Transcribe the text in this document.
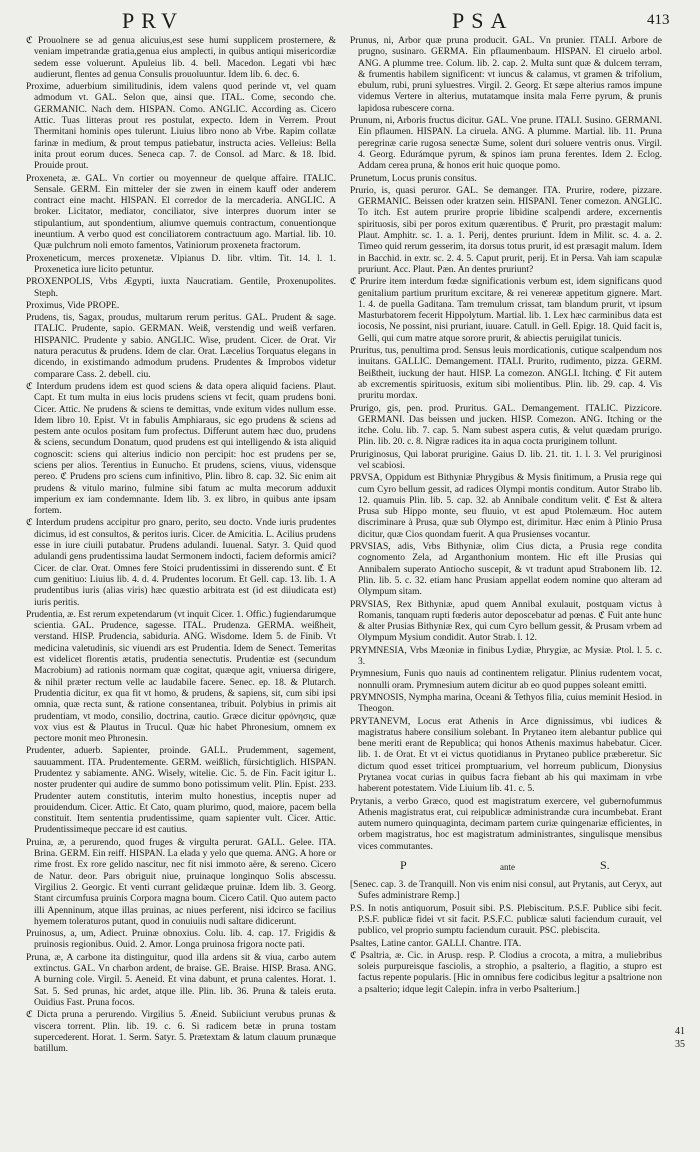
PRV	PSA	413

ℭ Prouolnere se ad genua alicuius,est sese humi supplicem prosternere, & veniam impetrandæ gratia,genua eius amplecti, in quibus antiqui misericordiæ sedem esse voluerunt. Apuleius lib. 4. bell. Macedon. Legati vbi hæc audierunt, flentes ad genua Consulis prouoluuntur. Idem lib. 6. dec. 6.

Proxime, aduerbium similitudinis, idem valens quod perinde vt, vel quam admodum vt. GAL. Selon que, ainsi que. ITAL. Come, secondo che. GERMANIC. Nach dem. HISPAN. Como. ANGLIC. According as. Cicero Attic. Tuas litteras prout res postulat, expecto. Idem in Verrem. Prout Thermitani hominis opes tulerunt. Liuius libro nono ab Vrbe. Rapim collatæ farinæ in medium, & prout tempus patiebatur, instructa acies. Velleius: Bella inita prout eorum duces. Seneca cap. 7. de Consol. ad Marc. & 18. Ibid. Prouide prout.

Proxeneta, æ. GAL. Vn cortier ou moyenneur de quelque affaire. ITALIC. Sensale. GERM. Ein mitteler der sie zwen in einem kauff oder anderem contract eine macht. HISPAN. El corredor de la mercaderia. ANGLIC. A broker. Licitator, mediator, conciliator, sive interpres duorum inter se stipulantium, aut spondentium, aliumve quemuis contractum, conuentionque ineuntium. A verbo quod est conciliatorem contractuum ago. Martial. lib. 10. Quæ pulchrum noli emoto famentos, Vatiniorum proxeneta fractorum.

Proxeneticum, merces proxenetæ. Vlpianus D. libr. vltim. Tit. 14. l. 1. Proxenetica iure licito petuntur.

PROXENPOLIS, Vrbs Ægypti, iuxta Naucratiam. Gentile, Proxenupolites. Steph.

Proximus, Vide PROPE.

Prudens, tis, Sagax, proudus, multarum rerum peritus. GAL. Prudent & sage. ITALIC. Prudente, sapio. GERMAN. Weiß, verstendig und weiß verfaren. HISPANIC. Prudente y sabio. ANGLIC. Wise, prudent. Cicer. de Orat. Vir natura peracutus & prudens. Idem de clar. Orat. Læcelius Torquatus elegans in dicendo, in existimando admodum prudens. Prudentes & Improbos videtur comparare Cass. 2. debell. ciu.

ℭ Interdum prudens idem est quod sciens & data opera aliquid faciens. Plaut. Capt. Et tum multa in eius locis prudens sciens vt fecit, quam prudens boni. Cicer. Attic. Ne prudens & sciens te demittas, vnde exitum vides nullum esse. Idem libro 10. Epist. Vt in fabulis Amphiaraus, sic ego prudens & sciens ad pestem ante oculos positam fum profectus. Differunt autem hæc duo, prudens & sciens, secundum Donatum, quod prudens est qui intelligendo & ista aliquid cognoscit: sciens qui alterius indicio non percipit: hoc est prudens per se, sciens per alios. Terentius in Eunucho. Et prudens, sciens, viuus, vidensque pereo. ℭ Prudens pro sciens cum infinitivo, Plin. libro 8. cap. 32. Sic enim ait prudens & vitulo marino, fulmine sibi fatum ac multa mecorum adduxit imperium ex iam condemnante. Idem lib. 3. ex libro, in quibus ante ipsam fortem.

ℭ Interdum prudens accipitur pro gnaro, perito, seu docto. Vnde iuris prudentes dicimus, id est consultos, & peritos iuris. Cicer. de Amicitia. L. Acilius prudens esse in iure ciuili putabatur. Prudens adulandi. Iuuenal. Satyr. 3. Quid quod adulandi gens prudentissima laudat Sermonem indocti, faciem deformis amici? Cicer. de clar. Orat. Omnes fere Stoici prudentissimi in disserendo sunt. ℭ Et cum genitiuo: Liuius lib. 4. d. 4. Prudentes locorum. Et Gell. cap. 13. lib. 1. A prudentibus iuris (alias viris) hæc quæstio arbitrata est (id est diiudicata est) iuris peritis.

Prudentia, æ. Est rerum expetendarum (vt inquit Cicer. 1. Offic.) fugiendarumque scientia. GAL. Prudence, sagesse. ITAL. Prudenza. GERMA. weißheit, verstand. HISP. Prudencia, sabiduria. ANG. Wisdome. Idem 5. de Finib. Vt medicina valetudinis, sic viuendi ars est Prudentia. Idem de Senect. Temeritas est videlicet florentis ætatis, prudentia senectutis. Prudentiæ est (secundum Macrobium) ad rationis normam quæ cogitat, quæque agit, vniuersa dirigere, & nihil præter rectum velle ac laudabile facere. Senec. ep. 18. & Plutarch. Prudentia dicitur, ex qua fit vt homo, & prudens, & sapiens, sit, cum sibi ipsi omnia, quæ recta sunt, & ratione consentanea, tribuit. Polybius in primis ait prudentiam, vt modo, consilio, doctrina, cautio. Græce dicitur φρόνησις, quæ vox vius est & Plautus in Trucul. Quæ hic habet Phronesium, omnem ex pectore monit meo Phronesin.

Prudenter, aduerb. Sapienter, proinde. GALL. Prudemment, sagement, sauuamment. ITA. Prudentemente. GERM. weißlich, fürsichtiglich. HISPAN. Prudentez y sabiamente. ANG. Wisely, witelie. Cic. 5. de Fin. Facit igitur L. noster prudenter qui audire de summo bono potissimum velit. Plin. Epist. 233. Prudenter autem constitutis, interim multo honestius, inceptis nuper ad prouidendum. Cicer. Attic. Et Cato, quam plurimo, quod, maiore, pacem bella constituit. Item sententia prudentissime, quam sapienter vult. Cicer. Attic. Prudentissimeque peccare id est cautius.

Pruina, æ, a perurendo, quod fruges & virgulta perurat. GALL. Gelee. ITA. Brina. GERM. Ein reiff. HISPAN. La elada y yelo que quema. ANG. A hore or rime frost. Ex rore gelido nascitur, nec fit nisi immoto aëre, & sereno. Cicero de Natur. deor. Pars obriguit niue, pruinaque longinquo Solis abscessu. Virgilius 2. Georgic. Et venti currant gelidæque pruinæ. Idem lib. 3. Georg. Stant circumfusa pruinis Corpora magna boum. Cicero Catil. Quo autem pacto illi Apenninum, atque illas pruinas, ac niues perferent, nisi idcirco se facilius hyemem toleraturos putant, quod in conuiuiis nudi saltare didicerunt.

Pruinosus, a, um, Adiect. Pruinæ obnoxius. Colu. lib. 4. cap. 17. Frigidis & pruinosis regionibus. Ouid. 2. Amor. Longa pruinosa frigora nocte pati.

Pruna, æ, A carbone ita distinguitur, quod illa ardens sit & viua, carbo autem extinctus. GAL. Vn charbon ardent, de braise. GE. Braise. HISP. Brasa. ANG. A burning cole. Virgil. 5. Aeneid. Et vina dabunt, et pruna calentes. Horat. 1. Sat. 5. Sed prunas, hic ardet, atque ille. Plin. lib. 36. Pruna & taleis eruta. Ouidius Fast. Pruna focos.

ℭ Dicta pruna a perurendo. Virgilius 5. Æneid. Subiiciunt verubus prunas & viscera torrent. Plin. lib. 19. c. 6. Si radicem betæ in pruna tostam supercederent. Horat. 1. Serm. Satyr. 5. Prætextam & latum clauum prunæque batillum.

Prunus, ni, Arbor quæ pruna producit. GAL. Vn prunier. ITALI. Arbore de prugno, susinaro. GERMA. Ein pflaumenbaum. HISPAN. El ciruelo arbol. ANG. A plumme tree. Colum. lib. 2. cap. 2. Multa sunt quæ & dulcem terram, & frumentis habilem significent: vt iuncus & calamus, vt gramen & trifolium, ebulum, rubi, pruni syluestres. Virgil. 2. Georg. Et sæpe alterius ramos impune videmus Vertere in alterius, mutatamque insita mala Ferre pyrum, & prunis lapidosa rubescere corna.

Prunum, ni, Arboris fructus dicitur. GAL. Vne prune. ITALI. Susino. GERMANI. Ein pflaumen. HISPAN. La ciruela. ANG. A plumme. Martial. lib. 11. Pruna peregrinæ carie rugosa senectæ Sume, solent duri soluere ventris onus. Virgil. 4. Georg. Edurámque pyrum, & spinos iam pruna ferentes. Idem 2. Eclog. Addam cerea pruna, & honos erit huic quoque pomo.

Prunetum, Locus prunis consitus.

Prurio, is, quasi peruror. GAL. Se demanger. ITA. Prurire, rodere, pizzare. GERMANIC. Beissen oder kratzen sein. HISPANI. Tener comezon. ANGLIC. To itch. Est autem prurire proprie libidine scalpendi ardere, excernentis spirituosis, sibi per poros exitum quærentibus. ℭ Prurit, pro præstagit malum: Plaut. Amphitr. sc. 1. a. 1. Perij, dentes pruriunt. Idem in Milit. sc. 4. a. 2. Timeo quid rerum gesserim, ita dorsus totus prurit, id est præsagit malum. Idem in Bacchid. in extr. sc. 2. 4. 5. Caput prurit, perij. Et in Persa. Vah iam scapulæ pruriunt. Acc. Plaut. Pæn. An dentes pruriunt?

ℭ Prurire item interdum fœdæ significationis verbum est, idem significans quod genitalium partium pruritum excitare, & rei venereæ appetitum gignere. Mart. 1. 4. de puella Gaditana. Tam tremulum crissat, tam blandum prurit, vt ipsum Masturbatorem fecerit Hippolytum. Martial. lib. 1. Lex hæc carminibus data est iocosis, Ne possint, nisi pruriant, iuuare. Catull. in Gell. Epigr. 18. Quid facit is, Gelli, qui cum matre atque sorore prurit, & abiectis peruigilat tunicis.

Pruritus, tus, penultima prod. Sensus leuis mordicationis, cutique scalpendum nos inuitans. GALLIC. Demangement. ITALI. Prurito, rudimento, pizza. GERM. Beißtheit, iuckung der haut. HISP. La comezon. ANGLI. Itching. ℭ Fit autem ab excrementis spirituosis, exitum sibi molientibus. Plin. lib. 29. cap. 4. Vis pruritu mordax.

Prurigo, gis, pen. prod. Pruritus. GAL. Demangement. ITALIC. Pizzicore. GERMANI. Das beissen und jucken. HISP. Comezon. ANG. Itching or the itche. Colu. lib. 7. cap. 5. Nam subest aspera cutis, & velut quædam prurigo. Plin. lib. 20. c. 8. Nigræ radices ita in aqua cocta pruriginem tollunt.

Pruriginosus, Qui laborat prurigine. Gaius D. lib. 21. tit. 1. l. 3. Vel pruriginosi vel scabiosi.

PRVSA, Oppidum est Bithyniæ Phrygibus & Mysis finitimum, a Prusia rege qui cum Cyro bellum gessit, ad radices Olympi montis conditum. Autor Strabo lib. 12. quamuis Plin. lib. 5. cap. 32. ab Annibale conditum velit. ℭ Est & altera Prusa sub Hippo monte, seu fluuio, vt est apud Ptolemæum. Hoc autem discriminare à Prusa, quæ sub Olympo est, dirimitur. Hæc enim à Plinio Prusa dicitur, quæ Cios quondam fuerit. A qua Prusienses vocantur.

PRVSIAS, adis, Vrbs Bithyniæ, olim Cius dicta, a Prusia rege condita cognomento Zela, ad Arganthonium montem. Hic eft ille Prusias qui Annibalem superato Antiocho suscepit, & vt tradunt apud Strabonem lib. 12. Plin. lib. 5. c. 32. etiam hanc Prusiam appellat eodem nomine quo alteram ad Olympum sitam.

PRVSIAS, Rex Bithyniæ, apud quem Annibal exulauit, postquam victus à Romanis, tanquam rupti fœderis autor deposcebatur ad pœnas. ℭ Fuit ante hunc & alter Prusias Bithyniæ Rex, qui cum Cyro bellum gessit, & Prusam vrbem ad Olympum Mysium condidit. Autor Strab. l. 12.

PRYMNESIA, Vrbs Mæoniæ in finibus Lydiæ, Phrygiæ, ac Mysiæ. Ptol. l. 5. c. 3.

Prymnesium, Funis quo nauis ad continentem religatur. Plinius rudentem vocat, nonnulli oram. Prymnesium autem dicitur ab eo quod puppes soleant emitti.

PRYMNOSIS, Nympha marina, Oceani & Tethyos filia, cuius meminit Hesiod. in Theogon.

PRYTANEVM, Locus erat Athenis in Arce dignissimus, vbi iudices & magistratus habere consilium solebant. In Prytaneo item alebantur publice qui bene meriti erant de Republica; qui honos Athenis maximus habebatur. Cicer. lib. 1. de Orat. Et vt ei victus quotidianus in Prytaneo publice præberetur. Sic dictum quod esset triticei promptuarium, vel horreum publicum, Dionysius Prytanea vocat curias in quibus facra fiebant ab his qui maximam in vrbe haberent potestatem. Vide Liuium lib. 41. c. 5.

Prytanis, a verbo Græco, quod est magistratum exercere, vel gubernofummus Athenis magistratus erat, cui reipublicæ administrandæ cura incumbebat. Erant autem numero quinquaginta, decimam partem curiæ quingenariæ efficientes, in orbem magistratus, hoc est magistratum administrantes, singulisque mensibus vices commutantes.

P	ante	S.

[Senec. cap. 3. de Tranquill. Non vis enim nisi consul, aut Prytanis, aut Ceryx, aut Sufes administrare Remp.]

P.S. In notis antiquorum, Posuit sibi. P.S. Plebiscitum. P.S.F. Publice sibi fecit. P.S.F. publicæ fidei vt sit facit. P.S.F.C. publicæ saluti faciendum curauit, vel publico, vel proprio sumptu faciendum curauit. PSC. plebiscita.

Psaltes, Latine cantor. GALLI. Chantre. ITA.

ℭ Psaltria, æ. Cic. in Arusp. resp. P. Clodius a crocota, a mitra, a muliebribus soleis purpureisque fasciolis, a strophio, a psalterio, a flagitio, a stupro est factus repente popularis. [Hic in omnibus fere codicibus legitur a psaltrione non a psalterio; idque legit Calepin. infra in verbo Psalterium.]

41
35
